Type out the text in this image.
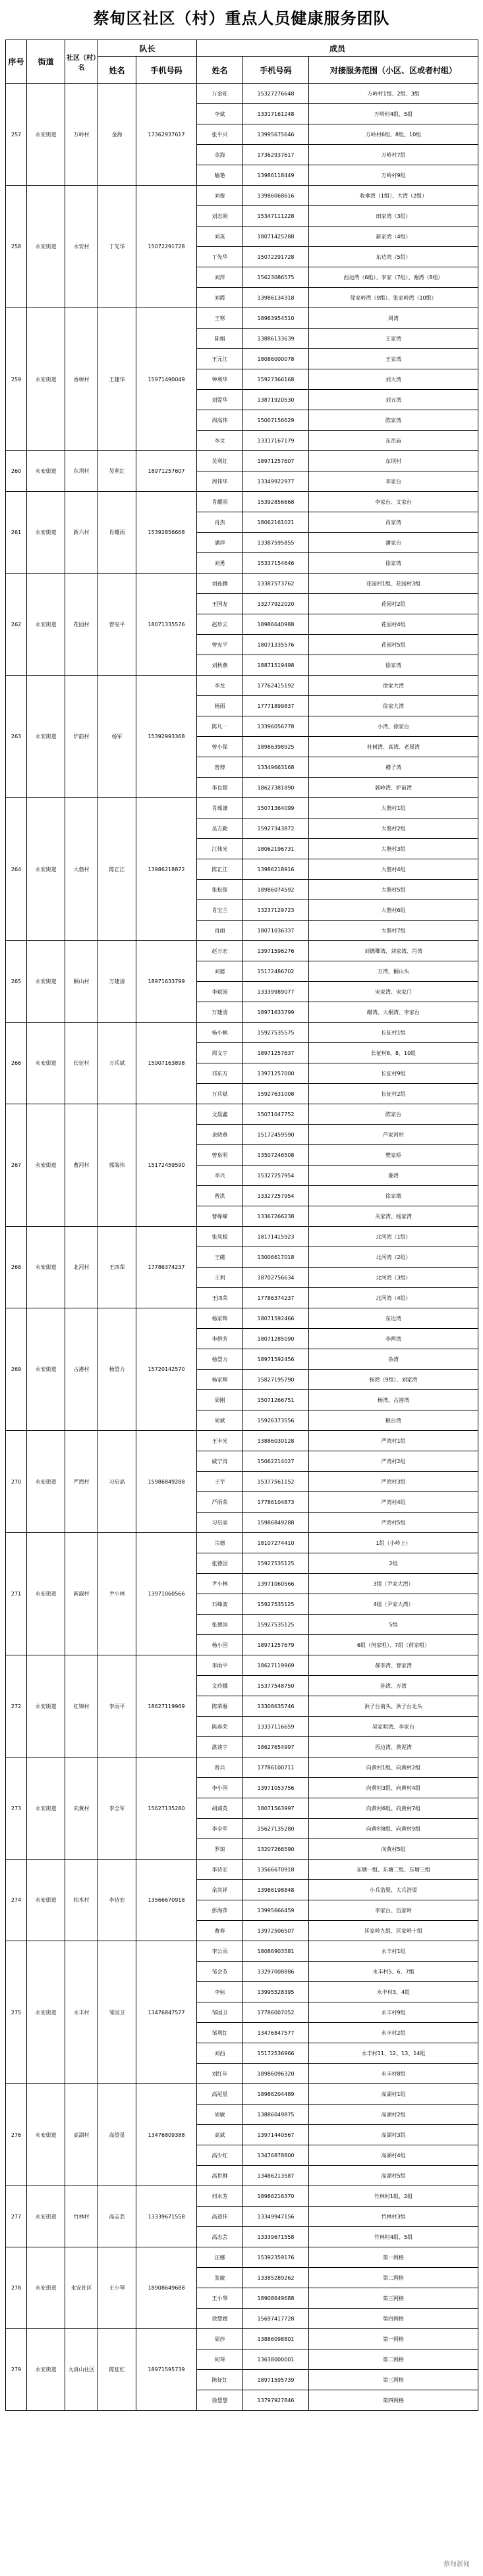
蔡甸区社区（村）重点人员健康服务团队
序号	街道	社区（村）名	队长		成员		
			姓名	手机号码	姓名	手机号码	对接服务范围（小区、区或者村组）
257	永安街道	万岭村	金海	17362937617	万金旺	15327276648	万岭村1组、2组、3组
					李斌	13317161248	万岭村4组、5组
					张平兴	13995675646	万岭村6组、8组、10组
					金海	17362937617	万岭村7组
					喻艳	13986118449	万岭村9组
258	永安街道	永安村	丁先华	15072291728	刘俊	13986068616	收垂湾（1组）、大湾（2组）
					刘志刚	15347111228	田家湾（3组）
					刘英	18071425288	新家湾（4组）
					丁先华	15072291728	东边湾（5组）
					刘萍	15623086575	西边湾（6组）、李家（7组）、谢湾（8组）
					刘霞	13986134318	徐家岭湾（9组）、张家岭湾（10组）
259	永安街道	香树村	王建华	15971490049	王寒	18963954510	周湾
					陈娟	13886133639	王家湾
					王元江	18086000078	王家湾
					钟利华	15927366168	刘大湾
					刘爱华	13871920530	刘五湾
					周高伟	15007156629	陈家湾
					李文	13317167179	东岳庙
260	永安街道	东坝村	吴利红	18971257607	吴利红	18971257607	东坝村
					周伟华	13349922977	李家台
261	永安街道	新六村	肖耀雨	15392856668	肖耀雨	15392856668	李家台、文家台
					肖杰	18062161021	肖家湾
					潘萍	13387595855	潘家台
					刘勇	15337154646	徐家湾
262	永安街道	花园村	曾宪平	18071335576	刘孙腾	13387573762	花园村1组、花园村3组
					王国友	13277922020	花园村2组
					赵珍云	18986640988	花园村4组
					曾宪平	18071335576	花园村5组
					刘秋燕	18871519498	徐家湾
263	永安街道	炉前村	杨军	15392993368	李龙	17762415192	徐家大湾
					杨雨	17771899837	徐家大湾
					陈凡一	13396056778	小湾、徐家台
					曾小保	18986398925	杜树湾、高湾、老屋湾
					曾博	13349663168	穆子湾
					李良超	18627381890	郭岭湾、炉前湾
264	永安街道	大偕村	陈正江	13986218872	肖瑶谦	15071364099	大偕村1组
					吴方勤	15927343872	大偕村2组
					江伟光	18062196731	大偕村3组
					陈正江	13986218916	大偕村4组
					张松保	18986074592	大偕村5组
					肖宝兰	13237129723	大偕村6组
					肖雨	18071036337	大偕村7组
265	永安街道	桐山村	万建清	18971633799	赵万宏	13971596276	刘德卿湾、刘家湾、肖湾
					刘婆	15172486702	万湾、桐山头
					李斌园	13339989077	宋家湾、宋家门
					万建清	18971633799	醋湾、大桐湾、李家台
266	永安街道	长征村	万兵斌	15907163898	杨小枫	15927535575	长征村1组
					周文宇	18971257637	长征村6、8、10组
					邓东方	13971257000	长征村9组
					万兵斌	15927631008	长征村2组
267	永安街道	曹河村	郭海伟	15172459590	文晨鑫	15071047752	陈家台
					余晓燕	15172459590	芦家河村
					曾泉明	13507246508	樊家桥
					李兴	15327257954	港湾
					曾洪	13327257954	徐家墩
					曹峥嵘	13367266238	关家湾、杨家湾
268	永安街道	北河村	王四荣	17786374237	张凤板	18171415923	北河湾（1组）
					王磁	13006617018	北河湾（2组）
					王利	18702756634	北河湾（3组）
					王四荣	17786374237	北河湾（4组）
269	永安街道	古港村	杨望力	15720142570	杨家辉	18071592466	东边湾
					李群芳	18071285090	李两湾
					杨望力	18971592456	杂湾
					杨家辉	15827195790	杨湾（9组）、刘家湾
					周刚	15071266751	杨湾、古港湾
					周斌	15926373556	粮台湾
270	永安街道	严湾村	习启高	15986849288	王丰光	13886030128	严湾村1组
					戚宁涛	15062214027	严湾村2组
					王芋	15377561152	严湾村3组
					严雨荣	17786104873	严湾村4组
					习启高	15986849288	严湾村5组
271	永安街道	新淑村	尹小林	13971060566	宗德	18107274410	1组（小岭上）
					张德国	15927535125	2组
					尹小林	13971060566	3组（尹家大湾）
					石峰波	15927535125	4组（尹家大湾）
					张德国	15927535125	5组
					杨小国	18971257679	6组（何家咀）、7组（荷家咀）
272	永安街道	红锦村	李雨平	18627119969	李雨平	18627119969	郝李湾、曾家湾
					文玲娜	15377548750	孙湾、万湾
					陈荣雁	13308635746	洪子台南头、洪子台北头
					陈春荣	13337116659	吴家咀湾、李家台
					湛谈宇	18627654997	西边湾、黄泥湾
273	永安街道	向黄村	李全军	15627135280	曾兵	17786100711	向黄村1组、向黄村2组
					李小国	13971053756	向黄村3组、向黄村4组
					胡诚英	18071563997	向黄村6组、向黄村7组
					李全军	15627135280	向黄村8组、向黄村9组
					罗琼	13207266590	向黄村5组
274	永安街道	柏木村	李诗宏	13566670918	李诗宏	13566670918	东塘一组、东塘二组、东塘三组
					余其祥	13986198848	小兵浩渠、大兵浩渠
					彭海萍	13995666459	李家台、伍家岭
					曹春	13972506507	匡家岭九组、匡家岭十组
275	永安街道	永丰村	邹国卫	13476847577	李公雨	18086903581	永丰村1组
					邹会芬	13297008886	永丰村5、6、7组
					李标	13995528395	永丰村3、4组
					邹国卫	17786007052	永丰村9组
					邹利红	13476847577	永丰村2组
					刘西	15172536966	永丰村11、12、13、14组
					刘红年	18986096320	永丰村8组
276	永安街道	高湖村	高望星	13476809388	高尾星	18986204489	高湖村1组
					周敏	13886049875	高湖村2组
					高斌	13971440567	高湖村3组
					高少红	13476878800	高湖村4组
					高世群	13486213587	高湖村5组
277	永安街道	竹林村	高志芸	13339671558	何水芳	18986216370	竹林村1组、2组
					高道伟	13349947156	竹林村3组
					高志芸	13339671558	竹林村4组、5组
278	永安街道	永安社区	王小琴	18908649688	汪娜	15392359176	第一网格
					张敏	13385289262	第二网格
					王小琴	18908649688	第三网格
					徐慧媛	15697417728	第四网格
279	永安街道	九真山社区	陈征红	18971595739	周莎	13886098801	第一网格
					何琴	13638000001	第二网格
					陈征红	18971595739	第三网格
					徐慧慧	13797927846	第四网格
蔡甸新闻
